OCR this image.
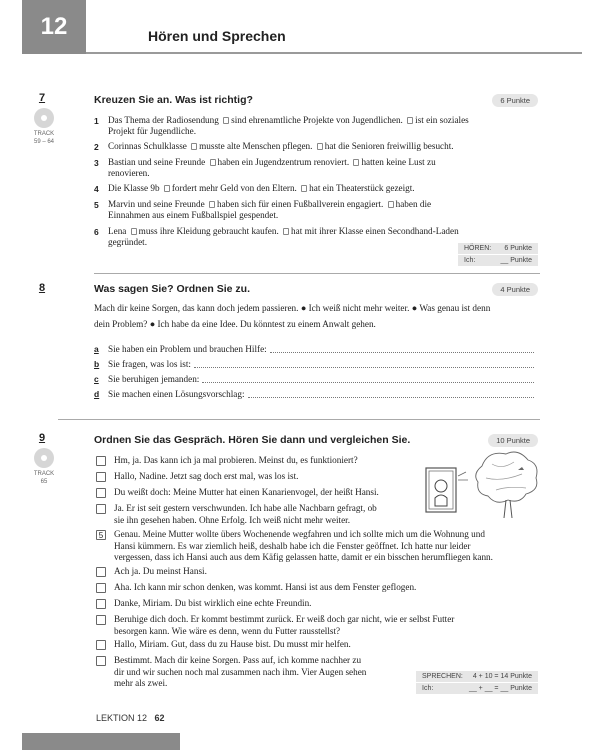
12	Hören und Sprechen
7
TRACK
59 – 64
Kreuzen Sie an. Was ist richtig?	6 Punkte
1 Das Thema der Radiosendung sind ehrenamtliche Projekte von Jugendlichen. ist ein soziales
Projekt für Jugendliche.
2 Corinnas Schulklasse musste alte Menschen pflegen. hat die Senioren freiwillig besucht.
3 Bastian und seine Freunde haben ein Jugendzentrum renoviert. hatten keine Lust zu
renovieren.
4 Die Klasse 9b fordert mehr Geld von den Eltern. hat ein Theaterstück gezeigt.
5 Marvin und seine Freunde haben sich für einen Fußballverein engagiert. haben die
Einnahmen aus einem Fußballspiel gespendet.
6 Lena muss ihre Kleidung gebraucht kaufen. hat mit ihrer Klasse einen Secondhand-Laden
gegründet.
HÖREN: 6 Punkte
Ich:	__ Punkte
8	Was sagen Sie? Ordnen Sie zu.	4 Punkte
Mach dir keine Sorgen, das kann doch jedem passieren. ● Ich weiß nicht mehr weiter. ● Was genau ist denn
dein Problem? ● Ich habe da eine Idee. Du könntest zu einem Anwalt gehen.
a	Sie haben ein Problem und brauchen Hilfe:
b Sie fragen, was los ist:
c	Sie beruhigen jemanden:
d Sie machen einen Lösungsvorschlag:
9
TRACK
65
Ordnen Sie das Gespräch. Hören Sie dann und vergleichen Sie.	10 Punkte
Hm, ja. Das kann ich ja mal probieren. Meinst du, es funktioniert?
Hallo, Nadine. Jetzt sag doch erst mal, was los ist.
Du weißt doch: Meine Mutter hat einen Kanarienvogel, der heißt Hansi.
Ja. Er ist seit gestern verschwunden. Ich habe alle Nachbarn gefragt, ob
sie ihn gesehen haben. Ohne Erfolg. Ich weiß nicht mehr weiter.
5	Genau. Meine Mutter wollte übers Wochenende wegfahren und ich sollte mich um die Wohnung und
Hansi kümmern. Es war ziemlich heiß, deshalb habe ich die Fenster geöffnet. Ich hatte nur leider
vergessen, dass ich Hansi auch aus dem Käfig gelassen hatte, damit er ein bisschen herumfliegen kann.
Ach ja. Du meinst Hansi.
Aha. Ich kann mir schon denken, was kommt. Hansi ist aus dem Fenster geflogen.
Danke, Miriam. Du bist wirklich eine echte Freundin.
Beruhige dich doch. Er kommt bestimmt zurück. Er weiß doch gar nicht, wie er selbst Futter
besorgen kann. Wie wäre es denn, wenn du Futter rausstellst?
Hallo, Miriam. Gut, dass du zu Hause bist. Du musst mir helfen.
Bestimmt. Mach dir keine Sorgen. Pass auf, ich komme nachher zu
dir und wir suchen noch mal zusammen nach ihm. Vier Augen sehen
mehr als zwei.
SPRECHEN: 4 + 10 = 14 Punkte
Ich:	__ + __ = __ Punkte
LEKTION 12 62
